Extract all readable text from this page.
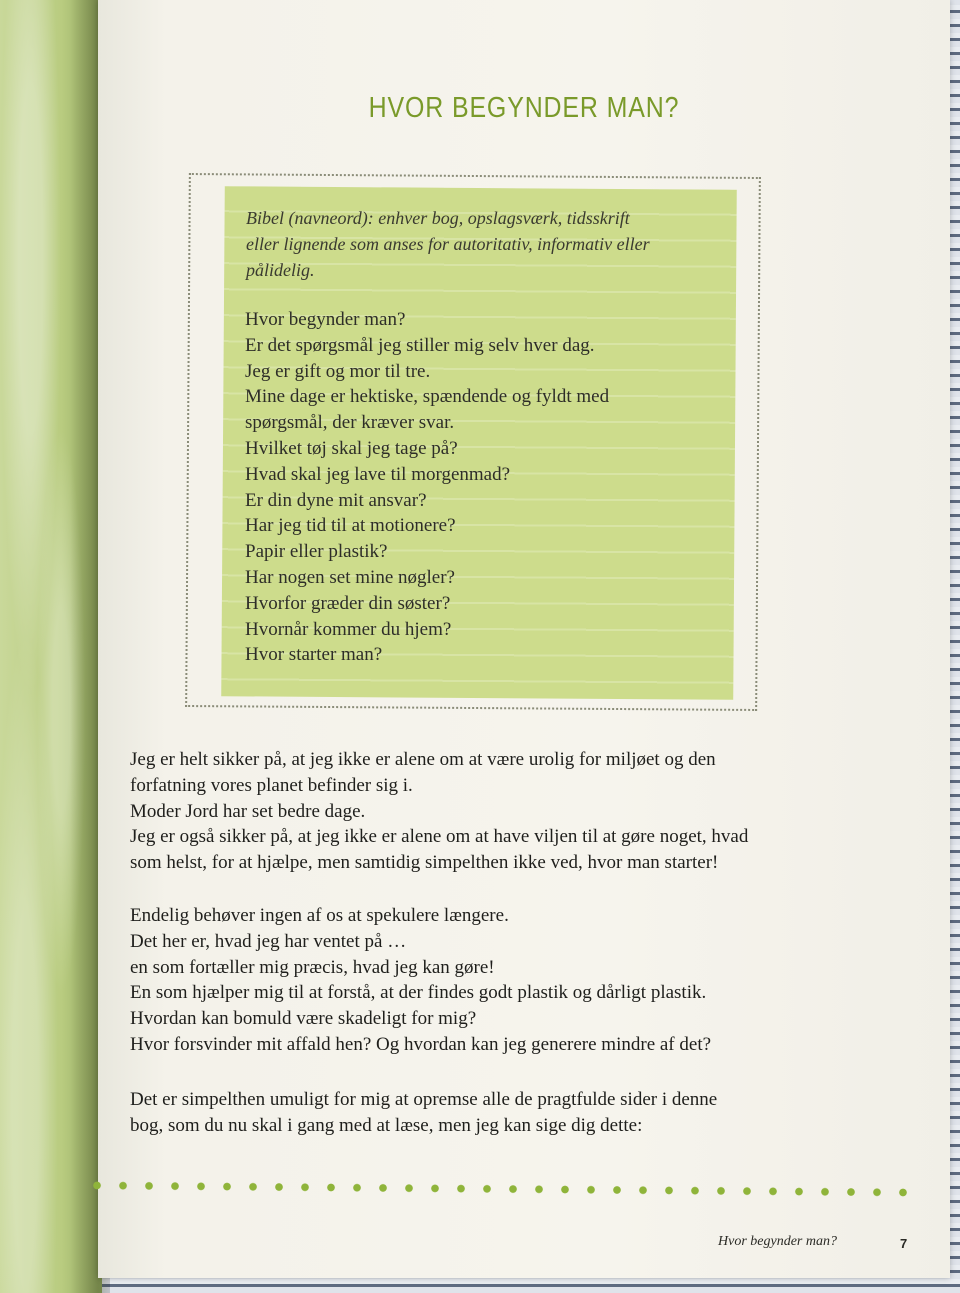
HVOR BEGYNDER MAN?

Bibel (navneord): enhver bog, opslagsværk, tidsskrift
eller lignende som anses for autoritativ, informativ eller
pålidelig.

Hvor begynder man?
Er det spørgsmål jeg stiller mig selv hver dag.
Jeg er gift og mor til tre.
Mine dage er hektiske, spændende og fyldt med
spørgsmål, der kræver svar.
Hvilket tøj skal jeg tage på?
Hvad skal jeg lave til morgenmad?
Er din dyne mit ansvar?
Har jeg tid til at motionere?
Papir eller plastik?
Har nogen set mine nøgler?
Hvorfor græder din søster?
Hvornår kommer du hjem?
Hvor starter man?

Jeg er helt sikker på, at jeg ikke er alene om at være urolig for miljøet og den
forfatning vores planet befinder sig i.
Moder Jord har set bedre dage.
Jeg er også sikker på, at jeg ikke er alene om at have viljen til at gøre noget, hvad
som helst, for at hjælpe, men samtidig simpelthen ikke ved, hvor man starter!

Endelig behøver ingen af os at spekulere længere.
Det her er, hvad jeg har ventet på …
en som fortæller mig præcis, hvad jeg kan gøre!
En som hjælper mig til at forstå, at der findes godt plastik og dårligt plastik.
Hvordan kan bomuld være skadeligt for mig?
Hvor forsvinder mit affald hen? Og hvordan kan jeg generere mindre af det?

Det er simpelthen umuligt for mig at opremse alle de pragtfulde sider i denne
bog, som du nu skal i gang med at læse, men jeg kan sige dig dette:

Hvor begynder man?	7
